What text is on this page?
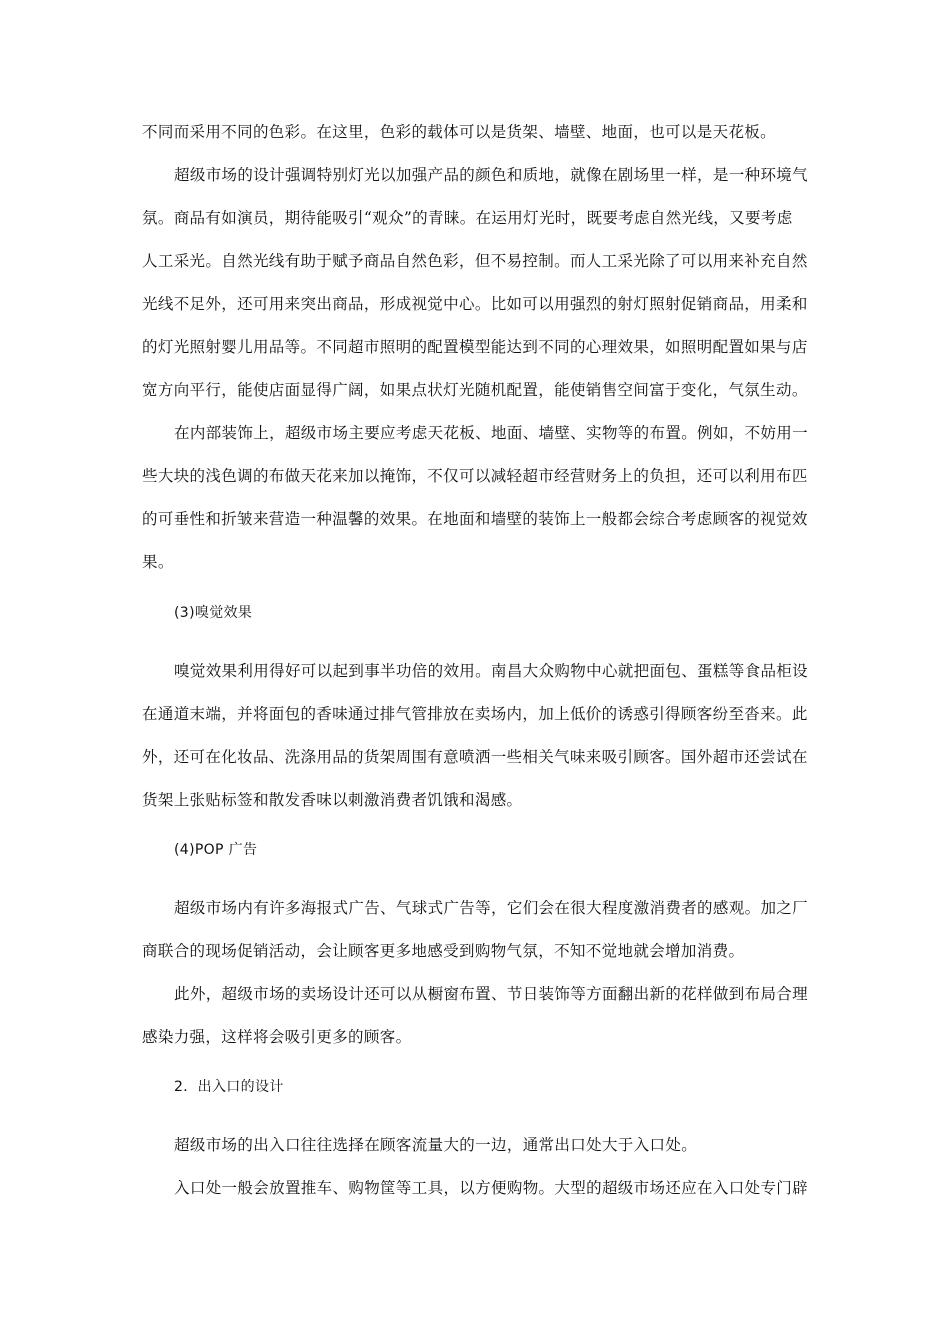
不同而采用不同的色彩。在这里，色彩的载体可以是货架、墙壁、地面，也可以是天花板。
超级市场的设计强调特别灯光以加强产品的颜色和质地，就像在剧场里一样，是一种环境气
氛。商品有如演员，期待能吸引“观众”的青睐。在运用灯光时，既要考虑自然光线，又要考虑
人工采光。自然光线有助于赋予商品自然色彩，但不易控制。而人工采光除了可以用来补充自然
光线不足外，还可用来突出商品，形成视觉中心。比如可以用强烈的射灯照射促销商品，用柔和
的灯光照射婴儿用品等。不同超市照明的配置模型能达到不同的心理效果，如照明配置如果与店
宽方向平行，能使店面显得广阔，如果点状灯光随机配置，能使销售空间富于变化，气氛生动。
在内部装饰上，超级市场主要应考虑天花板、地面、墙壁、实物等的布置。例如，不妨用一
些大块的浅色调的布做天花来加以掩饰，不仅可以减轻超市经营财务上的负担，还可以利用布匹
的可垂性和折皱来营造一种温馨的效果。在地面和墙壁的装饰上一般都会综合考虑顾客的视觉效
果。
(3)嗅觉效果
嗅觉效果利用得好可以起到事半功倍的效用。南昌大众购物中心就把面包、蛋糕等食品柜设
在通道末端，并将面包的香味通过排气管排放在卖场内，加上低价的诱惑引得顾客纷至沓来。此
外，还可在化妆品、洗涤用品的货架周围有意喷洒一些相关气味来吸引顾客。国外超市还尝试在
货架上张贴标签和散发香味以刺激消费者饥饿和渴感。
(4)POP 广告
超级市场内有许多海报式广告、气球式广告等，它们会在很大程度激消费者的感观。加之厂
商联合的现场促销活动，会让顾客更多地感受到购物气氛，不知不觉地就会增加消费。
此外，超级市场的卖场设计还可以从橱窗布置、节日装饰等方面翻出新的花样做到布局合理
感染力强，这样将会吸引更多的顾客。
2．出入口的设计
超级市场的出入口往往选择在顾客流量大的一边，通常出口处大于入口处。
入口处一般会放置推车、购物筐等工具，以方便购物。大型的超级市场还应在入口处专门辟
